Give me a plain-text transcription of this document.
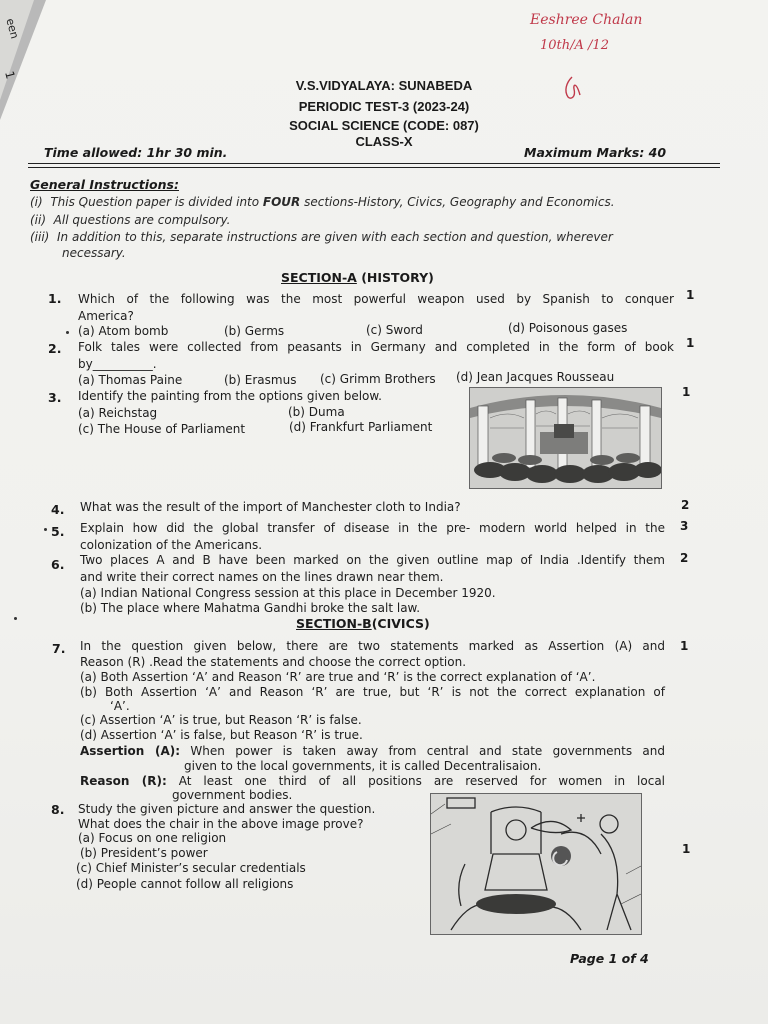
een
1
Eeshree Chalan
10th/A /12
V.S.VIDYALAYA: SUNABEDA
PERIODIC TEST-3 (2023-24)
SOCIAL SCIENCE (CODE: 087)
CLASS-X
Time allowed: 1hr 30 min.	Maximum Marks: 40
General Instructions:
(i) This Question paper is divided into FOUR sections-History, Civics, Geography and Economics.
(ii) All questions are compulsory.
(iii) In addition to this, separate instructions are given with each section and question, wherever
necessary.
SECTION-A (HISTORY)
1. Which of the following was the most powerful weapon used by Spanish to conquer
America?
1
(a) Atom bomb	(b) Germs	(c) Sword	(d) Poisonous gases
2. Folk tales were collected from peasants in Germany and completed in the form of book
by__________.
1
(a) Thomas Paine	(b) Erasmus (c) Grimm Brothers (d) Jean Jacques Rousseau
3. Identify the painting from the options given below.	1
(a) Reichstag	(b) Duma
(c) The House of Parliament	(d) Frankfurt Parliament
4. What was the result of the import of Manchester cloth to India?	2
5. Explain how did the global transfer of disease in the pre- modern world helped in the
colonization of the Americans.
3
6. Two places A and B have been marked on the given outline map of India .Identify them
and write their correct names on the lines drawn near them.
2
(a) Indian National Congress session at this place in December 1920.
(b) The place where Mahatma Gandhi broke the salt law.
SECTION-B(CIVICS)
7. In the question given below, there are two statements marked as Assertion (A) and
Reason (R) .Read the statements and choose the correct option.
1
(a) Both Assertion ‘A’ and Reason ‘R’ are true and ‘R’ is the correct explanation of ‘A’.
(b) Both Assertion ‘A’ and Reason ‘R’ are true, but ‘R’ is not the correct explanation of
‘A’.
(c) Assertion ‘A’ is true, but Reason ‘R’ is false.
(d) Assertion ‘A’ is false, but Reason ‘R’ is true.
Assertion (A): When power is taken away from central and state governments and
given to the local governments, it is called Decentralisaion.
Reason (R): At least one third of all positions are reserved for women in local
government bodies.
8. Study the given picture and answer the question.
What does the chair in the above image prove?
(a) Focus on one religion
(b) President’s power
(c) Chief Minister’s secular credentials
(d) People cannot follow all religions
1
Page 1 of 4
